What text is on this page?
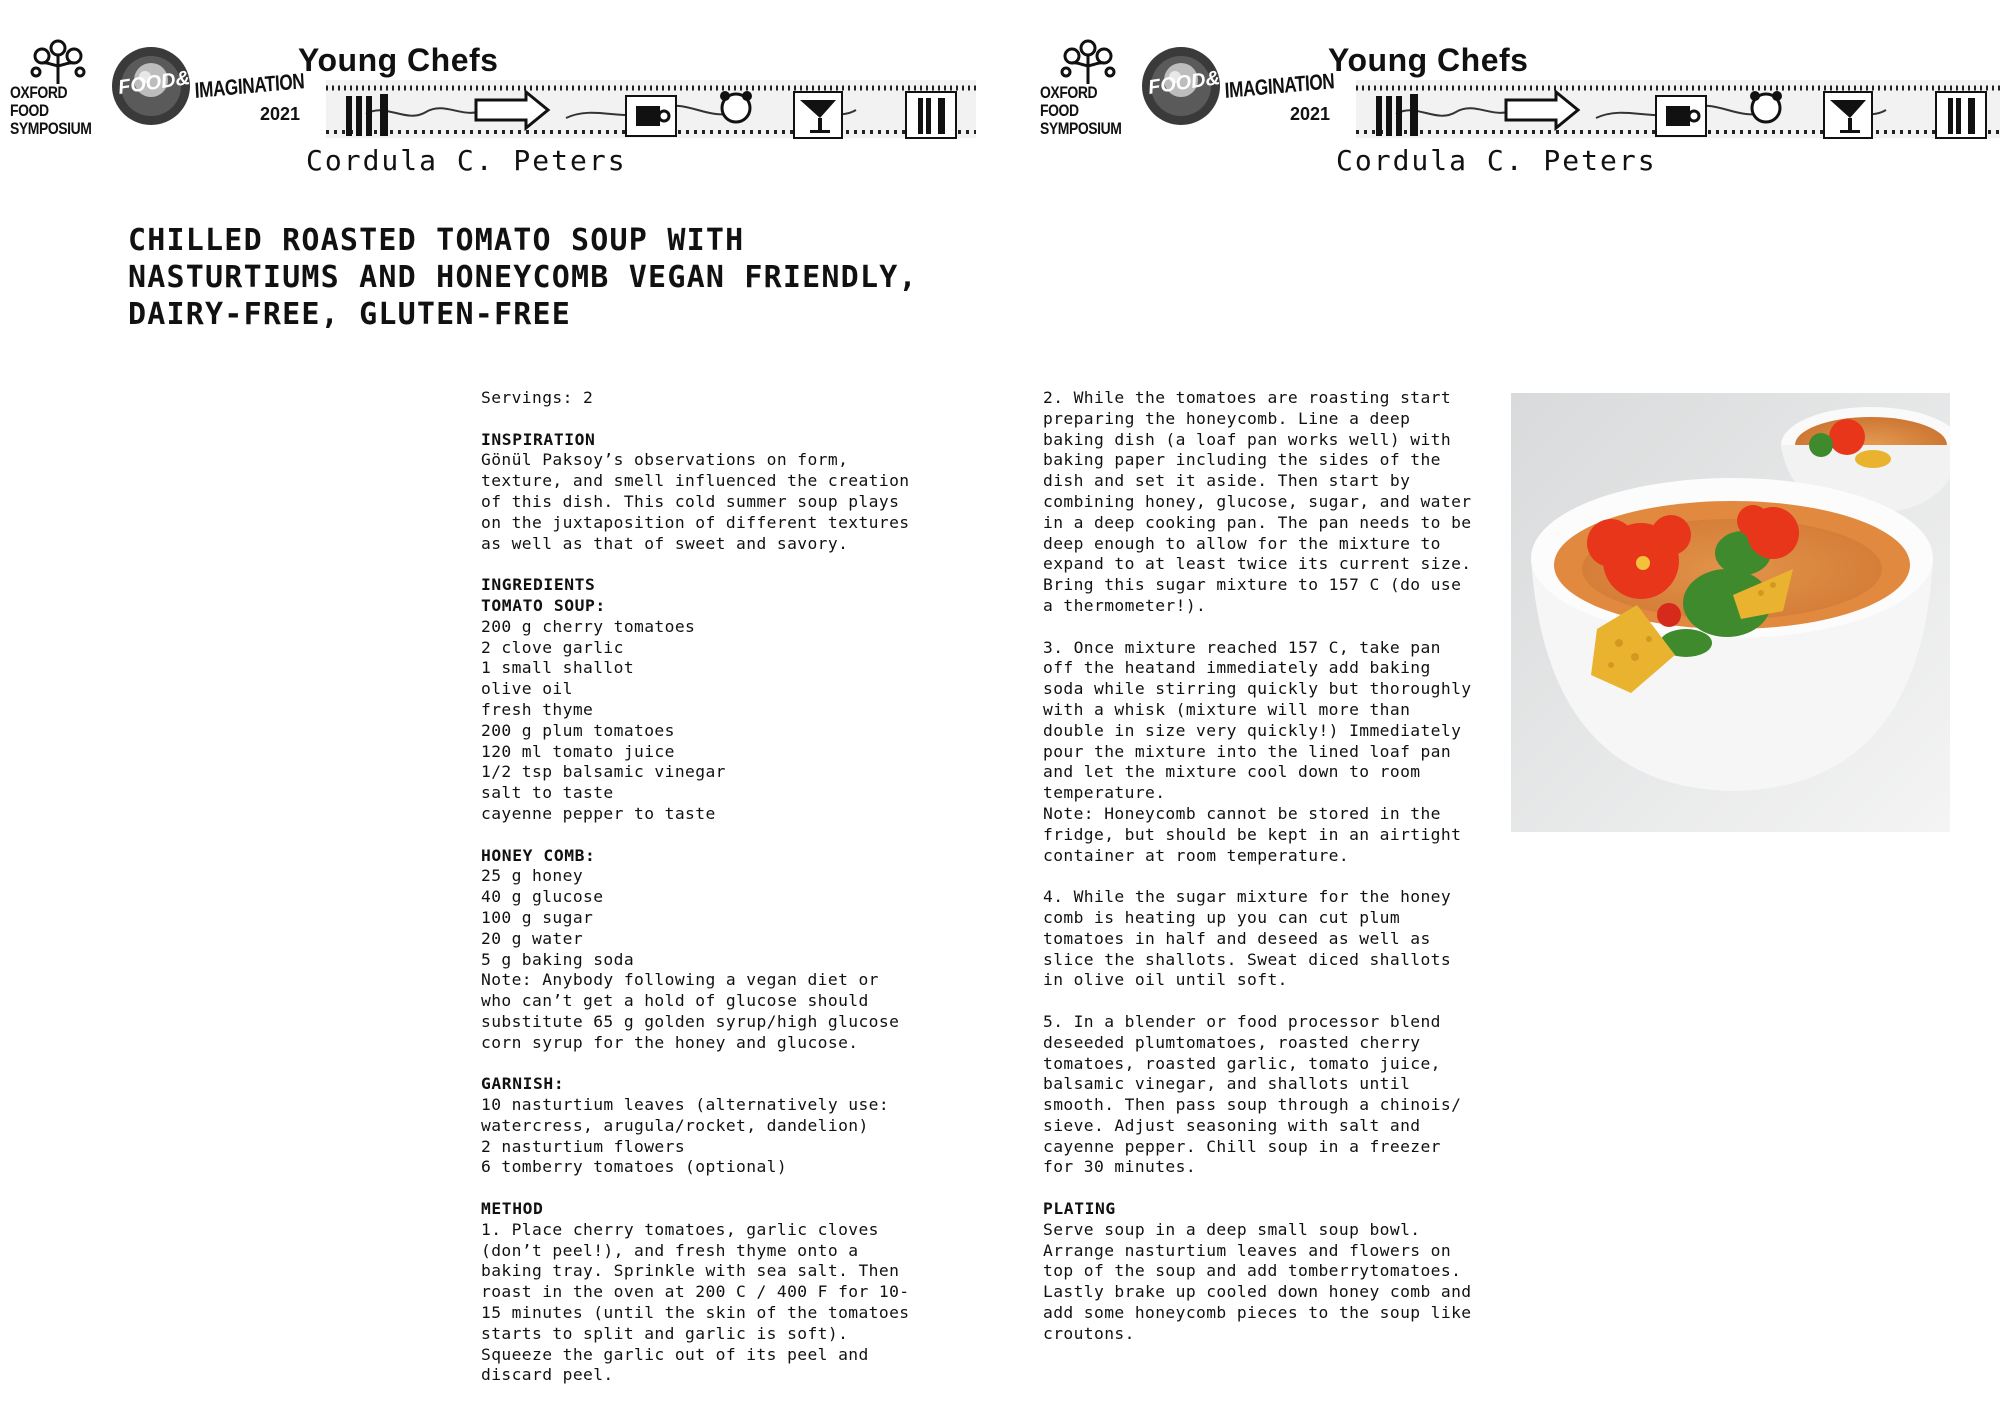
OXFORD FOOD
SYMPOSIUM
FOOD& IMAGINATION
2021
Young Chefs
Cordula C. Peters
CHILLED ROASTED TOMATO SOUP WITH
NASTURTIUMS AND HONEYCOMB VEGAN FRIENDLY,
DAIRY-FREE, GLUTEN-FREE
Servings: 2
INSPIRATION
Gönül Paksoy’s observations on form,
texture, and smell influenced the creation
of this dish. This cold summer soup plays
on the juxtaposition of different textures
as well as that of sweet and savory.
INGREDIENTS
TOMATO SOUP:
200 g cherry tomatoes
2 clove garlic
1 small shallot
olive oil
fresh thyme
200 g plum tomatoes
120 ml tomato juice
1/2 tsp balsamic vinegar
salt to taste
cayenne pepper to taste
HONEY COMB:
25 g honey
40 g glucose
100 g sugar
20 g water
5 g baking soda
Note: Anybody following a vegan diet or
who can’t get a hold of glucose should
substitute 65 g golden syrup/high glucose
corn syrup for the honey and glucose.
GARNISH:
10 nasturtium leaves (alternatively use:
watercress, arugula/rocket, dandelion)
2 nasturtium flowers
6 tomberry tomatoes (optional)
METHOD
1. Place cherry tomatoes, garlic cloves
(don’t peel!), and fresh thyme onto a
baking tray. Sprinkle with sea salt. Then
roast in the oven at 200 C / 400 F for 10-
15 minutes (until the skin of the tomatoes
starts to split and garlic is soft).
Squeeze the garlic out of its peel and
discard peel.
OXFORD FOOD
SYMPOSIUM
FOOD& IMAGINATION
2021
Young Chefs
Cordula C. Peters
2. While the tomatoes are roasting start
preparing the honeycomb. Line a deep
baking dish (a loaf pan works well) with
baking paper including the sides of the
dish and set it aside. Then start by
combining honey, glucose, sugar, and water
in a deep cooking pan. The pan needs to be
deep enough to allow for the mixture to
expand to at least twice its current size.
Bring this sugar mixture to 157 C (do use
a thermometer!).
3. Once mixture reached 157 C, take pan
off the heatand immediately add baking
soda while stirring quickly but thoroughly
with a whisk (mixture will more than
double in size very quickly!) Immediately
pour the mixture into the lined loaf pan
and let the mixture cool down to room
temperature.
Note: Honeycomb cannot be stored in the
fridge, but should be kept in an airtight
container at room temperature.
4. While the sugar mixture for the honey
comb is heating up you can cut plum
tomatoes in half and deseed as well as
slice the shallots. Sweat diced shallots
in olive oil until soft.
5. In a blender or food processor blend
deseeded plumtomatoes, roasted cherry
tomatoes, roasted garlic, tomato juice,
balsamic vinegar, and shallots until
smooth. Then pass soup through a chinois/
sieve. Adjust seasoning with salt and
cayenne pepper. Chill soup in a freezer
for 30 minutes.
PLATING
Serve soup in a deep small soup bowl.
Arrange nasturtium leaves and flowers on
top of the soup and add tomberrytomatoes.
Lastly brake up cooled down honey comb and
add some honeycomb pieces to the soup like
croutons.
